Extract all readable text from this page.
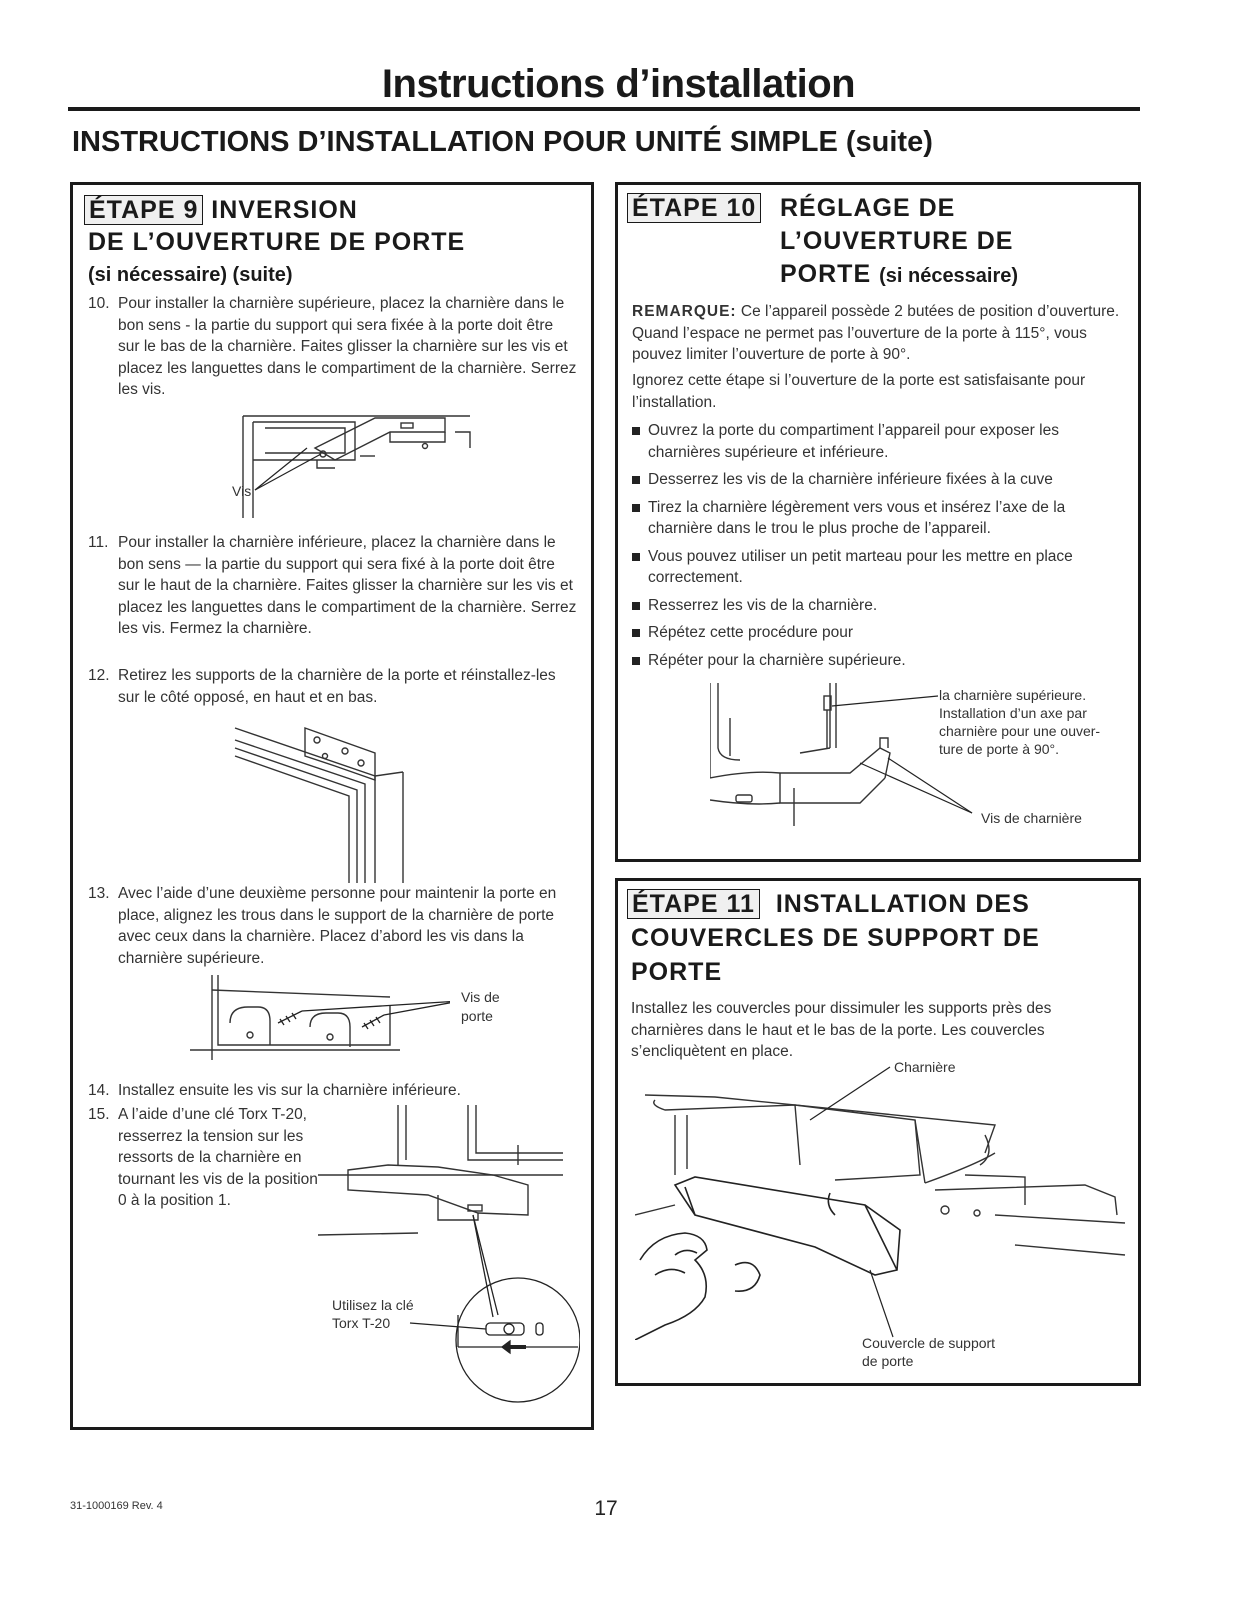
Instructions d’installation
INSTRUCTIONS D’INSTALLATION POUR UNITÉ SIMPLE (suite)
ÉTAPE 9 INVERSION
DE L’OUVERTURE DE PORTE
(si nécessaire) (suite)
10. Pour installer la charnière supérieure, placez la charnière dans le bon sens - la partie du support qui sera fixée à la porte doit être sur le bas de la charnière. Faites glisser la charnière sur les vis et placez les languettes dans le compartiment de la charnière. Serrez les vis.
Vis
11. Pour installer la charnière inférieure, placez la charnière dans le bon sens — la partie du support qui sera fixé à la porte doit être sur le haut de la charnière. Faites glisser la charnière sur les vis et placez les languettes dans le compartiment de la charnière. Serrez les vis. Fermez la charnière.
12. Retirez les supports de la charnière de la porte et réinstallez-les sur le côté opposé, en haut et en bas.
13. Avec l’aide d’une deuxième personne pour maintenir la porte en place, alignez les trous dans le support de la charnière de porte avec ceux dans la charnière. Placez d’abord les vis dans la charnière supérieure.
Vis de
porte
14. Installez ensuite les vis sur la charnière inférieure.
15. A l’aide d’une clé Torx T-20, resserrez la tension sur les ressorts de la charnière en tournant les vis de la position 0 à la position 1.
Utilisez la clé
Torx T-20
ÉTAPE 10 RÉGLAGE DE
L’OUVERTURE DE
PORTE (si nécessaire)
REMARQUE: Ce l’appareil possède 2 butées de position d’ouverture. Quand l’espace ne permet pas l’ouverture de la porte à 115°, vous pouvez limiter l’ouverture de porte à 90°.
Ignorez cette étape si l’ouverture de la porte est satisfaisante pour l’installation.
Ouvrez la porte du compartiment l’appareil pour exposer les charnières supérieure et inférieure.
Desserrez les vis de la charnière inférieure fixées à la cuve
Tirez la charnière légèrement vers vous et insérez l’axe de la charnière dans le trou le plus proche de l’appareil.
Vous pouvez utiliser un petit marteau pour les mettre en place correctement.
Resserrez les vis de la charnière.
Répétez cette procédure pour
Répéter pour la charnière supérieure.
la charnière supérieure.
Installation d’un axe par
charnière pour une ouver-
ture de porte à 90°.
Vis de charnière
ÉTAPE 11 INSTALLATION DES
COUVERCLES DE SUPPORT DE
PORTE
Installez les couvercles pour dissimuler les supports près des charnières dans le haut et le bas de la porte. Les couvercles s’encliquètent en place.
Charnière
Couvercle de support
de porte
31-1000169 Rev. 4	17
